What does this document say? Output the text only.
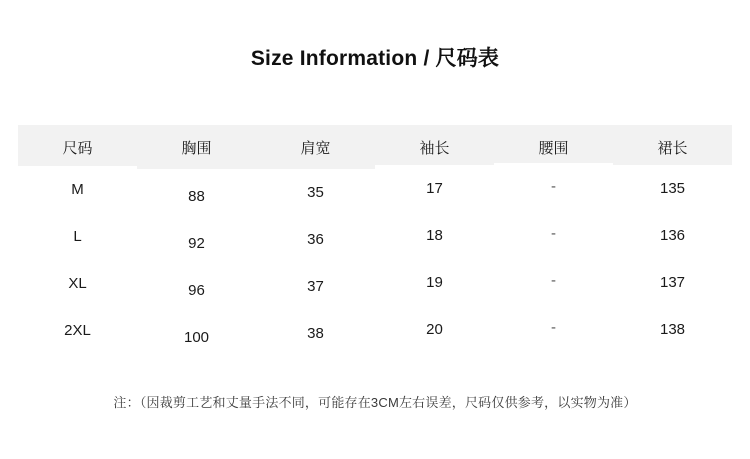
Size Information / 尺码表
尺码	胸围	肩宽	袖长	腰围	裙长
M	88	35	17	-	135
L	92	36	18	-	136
XL	96	37	19	-	137
2XL	100	38	20	-	138
注：（因裁剪工艺和丈量手法不同，可能存在3CM左右误差，尺码仅供参考，以实物为准）
